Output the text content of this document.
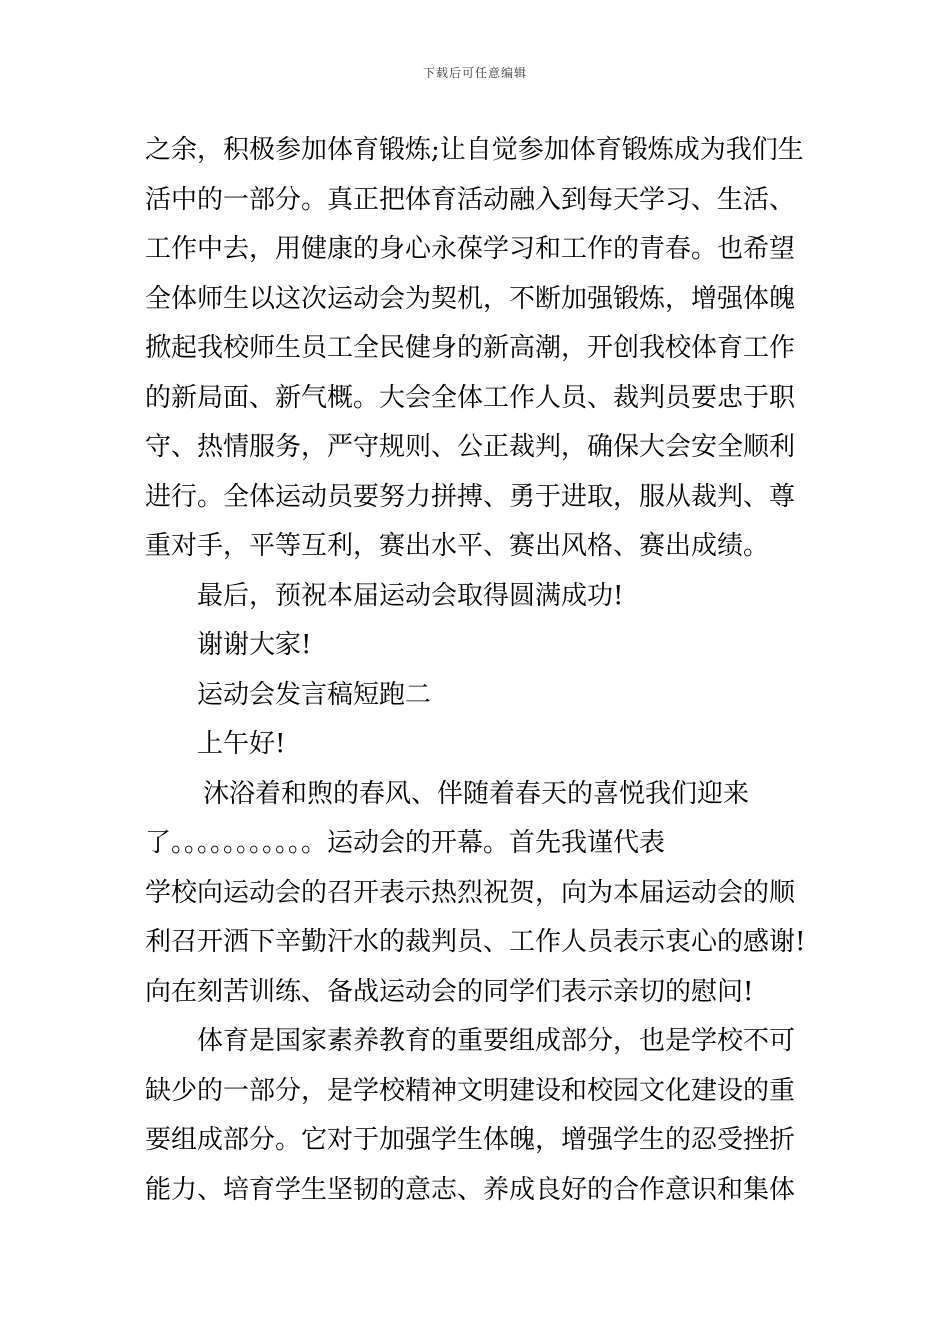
下载后可任意编辑
之余，积极参加体育锻炼;让自觉参加体育锻炼成为我们生
活中的一部分。真正把体育活动融入到每天学习、生活、
工作中去，用健康的身心永葆学习和工作的青春。也希望
全体师生以这次运动会为契机，不断加强锻炼，增强体魄
掀起我校师生员工全民健身的新高潮，开创我校体育工作
的新局面、新气概。大会全体工作人员、裁判员要忠于职
守、热情服务，严守规则、公正裁判，确保大会安全顺利
进行。全体运动员要努力拼搏、勇于进取，服从裁判、尊
重对手，平等互利，赛出水平、赛出风格、赛出成绩。
最后，预祝本届运动会取得圆满成功!
谢谢大家!
运动会发言稿短跑二
上午好!
沐浴着和煦的春风、伴随着春天的喜悦我们迎来
了。。。。。。。。。。。运动会的开幕。首先我谨代表
学校向运动会的召开表示热烈祝贺，向为本届运动会的顺
利召开洒下辛勤汗水的裁判员、工作人员表示衷心的感谢!
向在刻苦训练、备战运动会的同学们表示亲切的慰问!
体育是国家素养教育的重要组成部分，也是学校不可
缺少的一部分，是学校精神文明建设和校园文化建设的重
要组成部分。它对于加强学生体魄，增强学生的忍受挫折
能力、培育学生坚韧的意志、养成良好的合作意识和集体
